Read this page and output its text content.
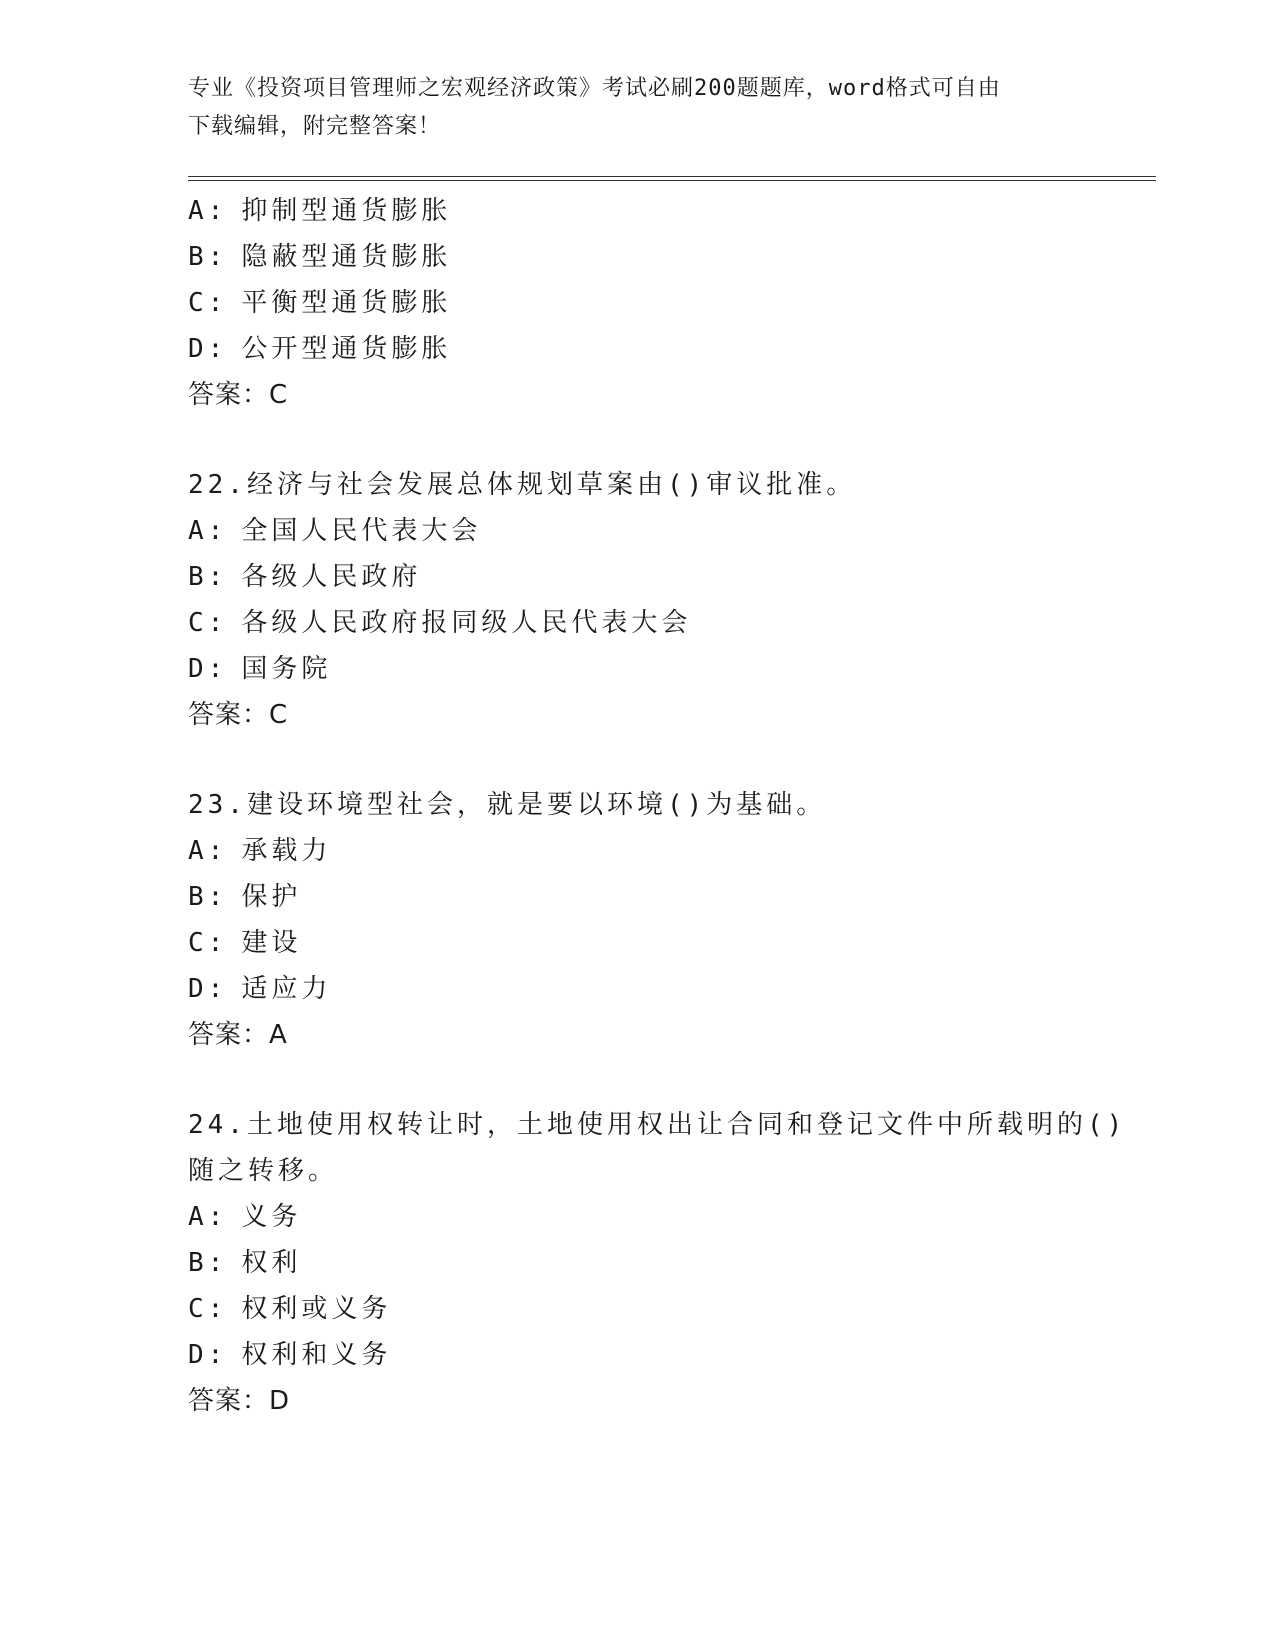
专业《投资项目管理师之宏观经济政策》考试必刷200题题库，word格式可自由
下载编辑，附完整答案！
A: 抑制型通货膨胀
B: 隐蔽型通货膨胀
C: 平衡型通货膨胀
D: 公开型通货膨胀
答案：C
22.经济与社会发展总体规划草案由()审议批准。
A: 全国人民代表大会
B: 各级人民政府
C: 各级人民政府报同级人民代表大会
D: 国务院
答案：C
23.建设环境型社会，就是要以环境()为基础。
A: 承载力
B: 保护
C: 建设
D: 适应力
答案：A
24.土地使用权转让时，土地使用权出让合同和登记文件中所载明的()
随之转移。
A: 义务
B: 权利
C: 权利或义务
D: 权利和义务
答案：D
